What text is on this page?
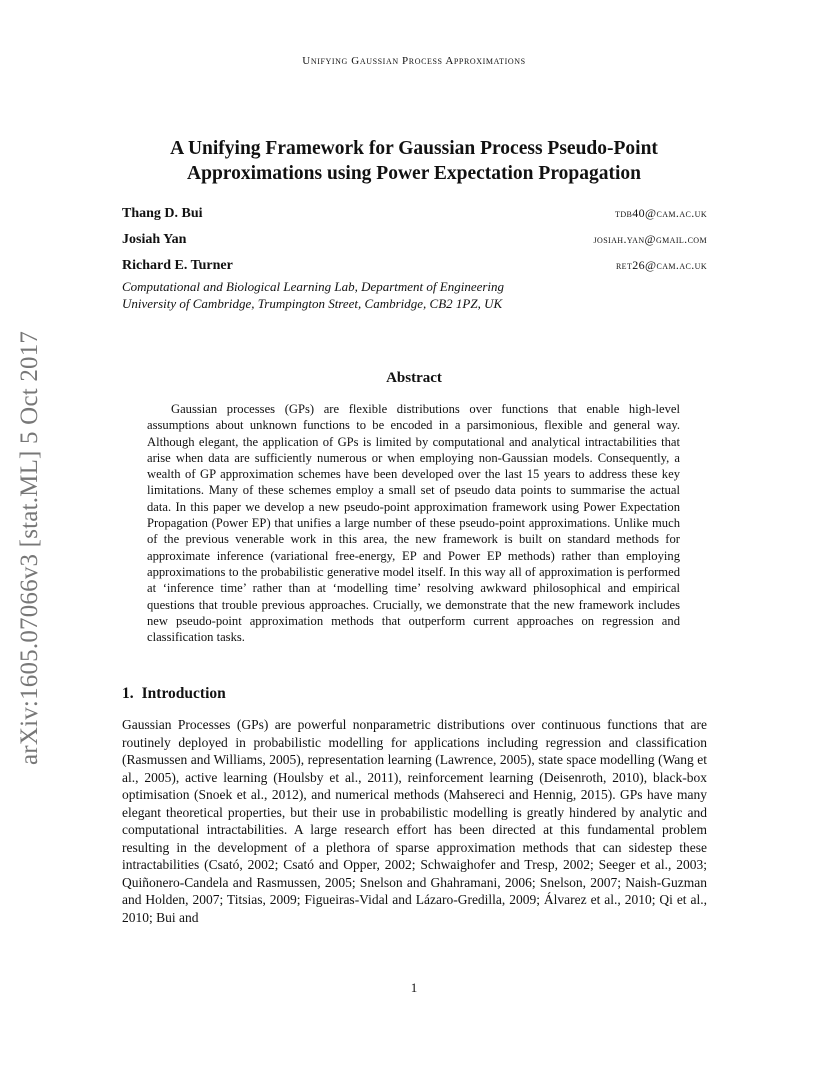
Unifying Gaussian Process Approximations
arXiv:1605.07066v3 [stat.ML] 5 Oct 2017
A Unifying Framework for Gaussian Process Pseudo-Point
Approximations using Power Expectation Propagation
Thang D. Bui	tdb40@cam.ac.uk
Josiah Yan	josiah.yan@gmail.com
Richard E. Turner	ret26@cam.ac.uk
Computational and Biological Learning Lab, Department of Engineering
University of Cambridge, Trumpington Street, Cambridge, CB2 1PZ, UK
Abstract

Gaussian processes (GPs) are flexible distributions over functions that enable high-level assumptions about unknown functions to be encoded in a parsimonious, flexible and general way. Although elegant, the application of GPs is limited by computational and analytical intractabilities that arise when data are sufficiently numerous or when employing non-Gaussian models. Consequently, a wealth of GP approximation schemes have been developed over the last 15 years to address these key limitations. Many of these schemes employ a small set of pseudo data points to summarise the actual data. In this paper we develop a new pseudo-point approximation framework using Power Expectation Propagation (Power EP) that unifies a large number of these pseudo-point approximations. Unlike much of the previous venerable work in this area, the new framework is built on standard methods for approximate inference (variational free-energy, EP and Power EP methods) rather than employing approximations to the probabilistic generative model itself. In this way all of approximation is performed at ‘inference time’ rather than at ‘modelling time’ resolving awkward philosophical and empirical questions that trouble previous approaches. Crucially, we demonstrate that the new framework includes new pseudo-point approximation methods that outperform current approaches on regression and classification tasks.

1. Introduction

Gaussian Processes (GPs) are powerful nonparametric distributions over continuous functions that are routinely deployed in probabilistic modelling for applications including regression and classification (Rasmussen and Williams, 2005), representation learning (Lawrence, 2005), state space modelling (Wang et al., 2005), active learning (Houlsby et al., 2011), reinforcement learning (Deisenroth, 2010), black-box optimisation (Snoek et al., 2012), and numerical methods (Mahsereci and Hennig, 2015). GPs have many elegant theoretical properties, but their use in probabilistic modelling is greatly hindered by analytic and computational intractabilities. A large research effort has been directed at this fundamental problem resulting in the development of a plethora of sparse approximation methods that can sidestep these intractabilities (Csató, 2002; Csató and Opper, 2002; Schwaighofer and Tresp, 2002; Seeger et al., 2003; Quiñonero-Candela and Rasmussen, 2005; Snelson and Ghahramani, 2006; Snelson, 2007; Naish-Guzman and Holden, 2007; Titsias, 2009; Figueiras-Vidal and Lázaro-Gredilla, 2009; Álvarez et al., 2010; Qi et al., 2010; Bui and

1
